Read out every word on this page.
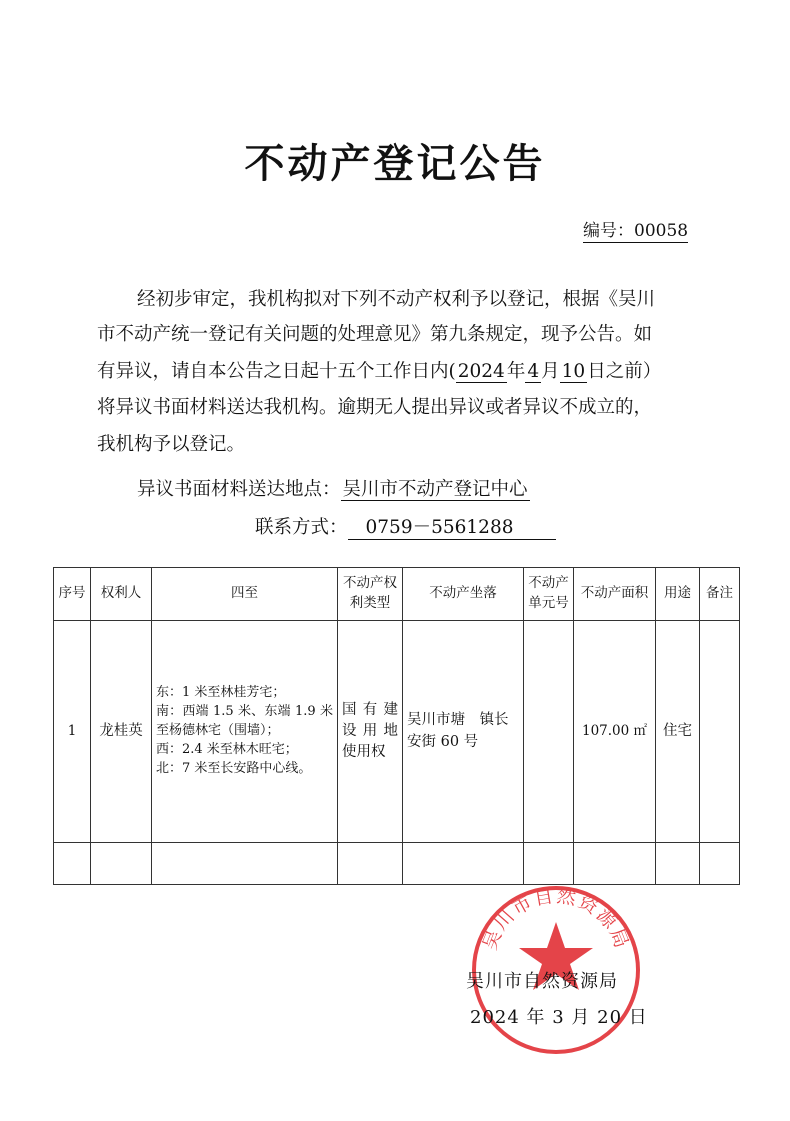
不动产登记公告
编号：00058
经初步审定，我机构拟对下列不动产权利予以登记，根据《吴川
市不动产统一登记有关问题的处理意见》第九条规定，现予公告。如
有异议，请自本公告之日起十五个工作日内( 2024 年 4 月 10 日之前）
将异议书面材料送达我机构。逾期无人提出异议或者异议不成立的，
我机构予以登记。
异议书面材料送达地点： 吴川市不动产登记中心
联系方式： 0759－5561288
序号	权利人	四至	不动产权利类型	不动产坐落	不动产单元号	不动产面积	用途	备注
1	龙桂英	东：1 米至林桂芳宅；
南：西端 1.5 米、东端 1.9 米至杨德林宅（围墙）；
西：2.4 米至林木旺宅；
北：7 米至长安路中心线。	国有建设用地使用权	吴川市塘　镇长安街 60 号		107.00 ㎡	住宅	

吴川市自然资源局
吴川市自然资源局
2024 年 3 月 20 日
